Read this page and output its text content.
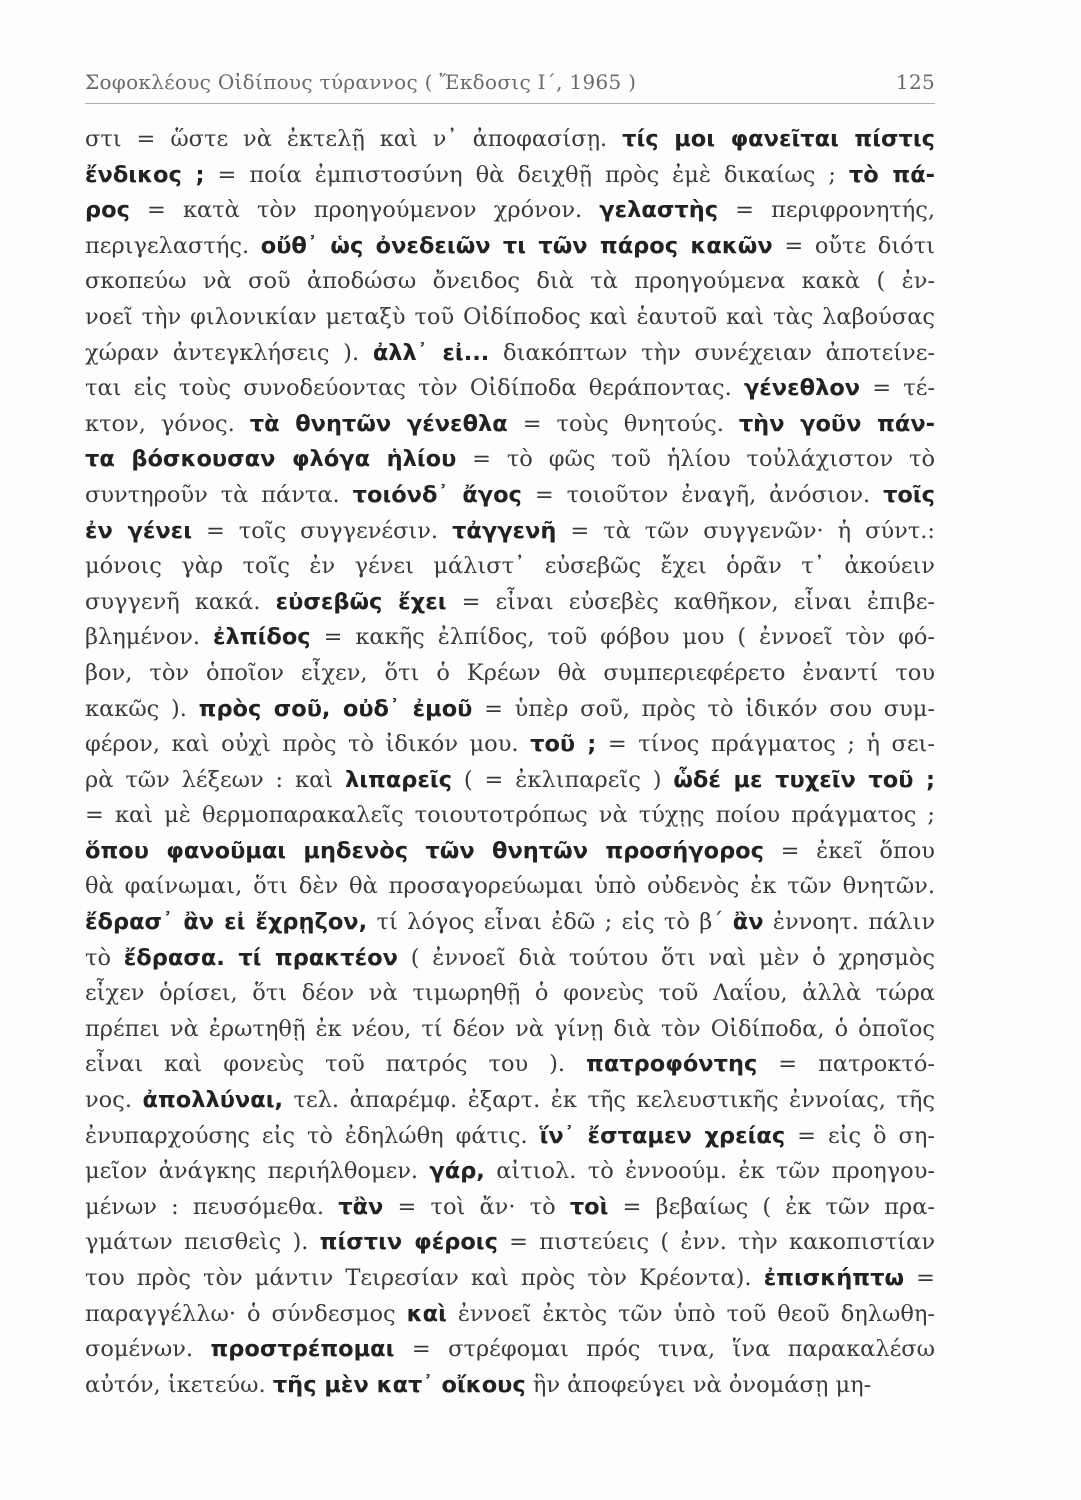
Σοφοκλέους Οἰδίπους τύραννος ( Ἔκδοσις Ι΄, 1965 )	125
στι = ὥστε νὰ ἐκτελῇ καὶ ν᾿ ἀποφασίσῃ. τίς μοι φανεῖται πίστις
ἔνδικος ; = ποία ἐμπιστοσύνη θὰ δειχθῇ πρὸς ἐμὲ δικαίως ; τὸ πά-
ρος = κατὰ τὸν προηγούμενον χρόνον. γελαστὴς = περιφρονητής,
περιγελαστής. οὔθ᾿ ὡς ὀνεδειῶν τι τῶν πάρος κακῶν = οὔτε διότι
σκοπεύω νὰ σοῦ ἀποδώσω ὄνειδος διὰ τὰ προηγούμενα κακὰ ( ἐν-
νοεῖ τὴν φιλονικίαν μεταξὺ τοῦ Οἰδίποδος καὶ ἑαυτοῦ καὶ τὰς λαβούσας
χώραν ἀντεγκλήσεις ). ἀλλ᾿ εἰ... διακόπτων τὴν συνέχειαν ἀποτείνε-
ται εἰς τοὺς συνοδεύοντας τὸν Οἰδίποδα θεράποντας. γένεθλον = τέ-
κτον, γόνος. τὰ θνητῶν γένεθλα = τοὺς θνητούς. τὴν γοῦν πάν-
τα βόσκουσαν φλόγα ἡλίου = τὸ φῶς τοῦ ἡλίου τοὐλάχιστον τὸ
συντηροῦν τὰ πάντα. τοιόνδ᾿ ἄγος = τοιοῦτον ἐναγῆ, ἀνόσιον. τοῖς
ἐν γένει = τοῖς συγγενέσιν. τἀγγενῆ = τὰ τῶν συγγενῶν· ἡ σύντ.:
μόνοις γὰρ τοῖς ἐν γένει μάλιστ᾿ εὐσεβῶς ἔχει ὁρᾶν τ᾿ ἀκούειν
συγγενῆ κακά. εὐσεβῶς ἔχει = εἶναι εὐσεβὲς καθῆκον, εἶναι ἐπιβε-
βλημένον. ἐλπίδος = κακῆς ἐλπίδος, τοῦ φόβου μου ( ἐννοεῖ τὸν φό-
βον, τὸν ὁποῖον εἶχεν, ὅτι ὁ Κρέων θὰ συμπεριεφέρετο ἐναντί του
κακῶς ). πρὸς σοῦ, οὐδ᾿ ἐμοῦ = ὑπὲρ σοῦ, πρὸς τὸ ἰδικόν σου συμ-
φέρον, καὶ οὐχὶ πρὸς τὸ ἰδικόν μου. τοῦ ; = τίνος πράγματος ; ἡ σει-
ρὰ τῶν λέξεων : καὶ λιπαρεῖς ( = ἐκλιπαρεῖς ) ὧδέ με τυχεῖν τοῦ ;
= καὶ μὲ θερμοπαρακαλεῖς τοιουτοτρόπως νὰ τύχῃς ποίου πράγματος ;
ὅπου φανοῦμαι μηδενὸς τῶν θνητῶν προσήγορος = ἐκεῖ ὅπου
θὰ φαίνωμαι, ὅτι δὲν θὰ προσαγορεύωμαι ὑπὸ οὐδενὸς ἐκ τῶν θνητῶν.
ἔδρασ᾿ ἂν εἰ ἔχρῃζον, τί λόγος εἶναι ἐδῶ ; εἰς τὸ β΄ ἂν ἐννοητ. πάλιν
τὸ ἔδρασα. τί πρακτέον ( ἐννοεῖ διὰ τούτου ὅτι ναὶ μὲν ὁ χρησμὸς
εἶχεν ὁρίσει, ὅτι δέον νὰ τιμωρηθῇ ὁ φονεὺς τοῦ Λαΐου, ἀλλὰ τώρα
πρέπει νὰ ἐρωτηθῇ ἐκ νέου, τί δέον νὰ γίνῃ διὰ τὸν Οἰδίποδα, ὁ ὁποῖος
εἶναι καὶ φονεὺς τοῦ πατρός του ). πατροφόντης = πατροκτό-
νος. ἀπολλύναι, τελ. ἀπαρέμφ. ἐξαρτ. ἐκ τῆς κελευστικῆς ἐννοίας, τῆς
ἐνυπαρχούσης εἰς τὸ ἐδηλώθη φάτις. ἵν᾿ ἔσταμεν χρείας = εἰς ὃ ση-
μεῖον ἀνάγκης περιήλθομεν. γάρ, αἰτιολ. τὸ ἐννοούμ. ἐκ τῶν προηγου-
μένων : πευσόμεθα. τἂν = τοὶ ἄν· τὸ τοὶ = βεβαίως ( ἐκ τῶν πρα-
γμάτων πεισθεὶς ). πίστιν φέροις = πιστεύεις ( ἐνν. τὴν κακοπιστίαν
του πρὸς τὸν μάντιν Τειρεσίαν καὶ πρὸς τὸν Κρέοντα). ἐπισκήπτω =
παραγγέλλω· ὁ σύνδεσμος καὶ ἐννοεῖ ἐκτὸς τῶν ὑπὸ τοῦ θεοῦ δηλωθη-
σομένων. προστρέπομαι = στρέφομαι πρός τινα, ἵνα παρακαλέσω
αὐτόν, ἱκετεύω. τῆς μὲν κατ᾿ οἴκους ἣν ἀποφεύγει νὰ ὀνομάσῃ μη-
